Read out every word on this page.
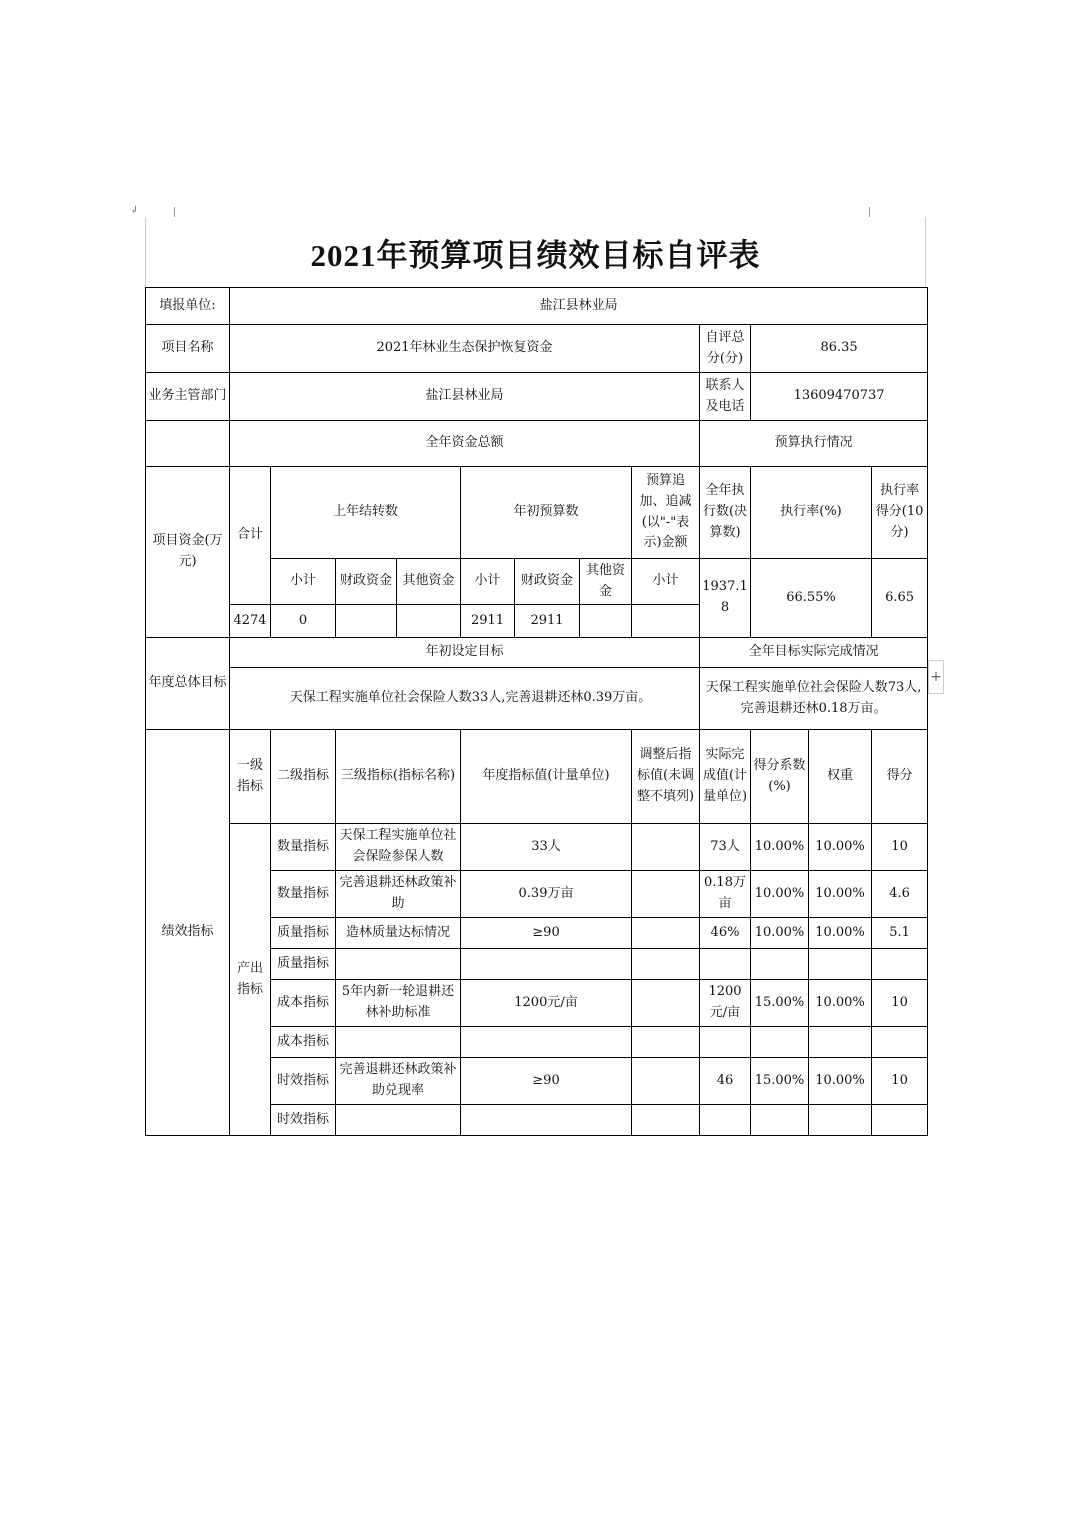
↲
2021年预算项目绩效目标自评表
填报单位:	盐江县林业局											
项目名称	2021年林业生态保护恢复资金								自评总分(分)	86.35		
业务主管部门	盐江县林业局								联系人及电话	13609470737		
	全年资金总额								预算执行情况			
项目资金(万元)	合计	上年结转数			年初预算数			预算追加、追减(以"-"表示)金额	全年执行数(决算数)	执行率(%)		执行率得分(10分)
		小计	财政资金	其他资金	小计	财政资金	其他资金	小计	1937.18	66.55%		6.65
	4274	0			2911	2911						
年度总体目标	年初设定目标								全年目标实际完成情况			
	天保工程实施单位社会保险人数33人,完善退耕还林0.39万亩。								天保工程实施单位社会保险人数73人,完善退耕还林0.18万亩。			
绩效指标	一级指标	二级指标	三级指标(指标名称)		年度指标值(计量单位)			调整后指标值(未调整不填列)	实际完成值(计量单位)	得分系数(%)	权重	得分
	产出指标	数量指标	天保工程实施单位社会保险参保人数		33人				73人	10.00%	10.00%	10
		数量指标	完善退耕还林政策补助		0.39万亩				0.18万亩	10.00%	10.00%	4.6
		质量指标	造林质量达标情况		≥90				46%	10.00%	10.00%	5.1
		质量指标										
		成本指标	5年内新一轮退耕还林补助标准		1200元/亩				1200元/亩	15.00%	10.00%	10
		成本指标										
		时效指标	完善退耕还林政策补助兑现率		≥90				46	15.00%	10.00%	10
		时效指标										
+
